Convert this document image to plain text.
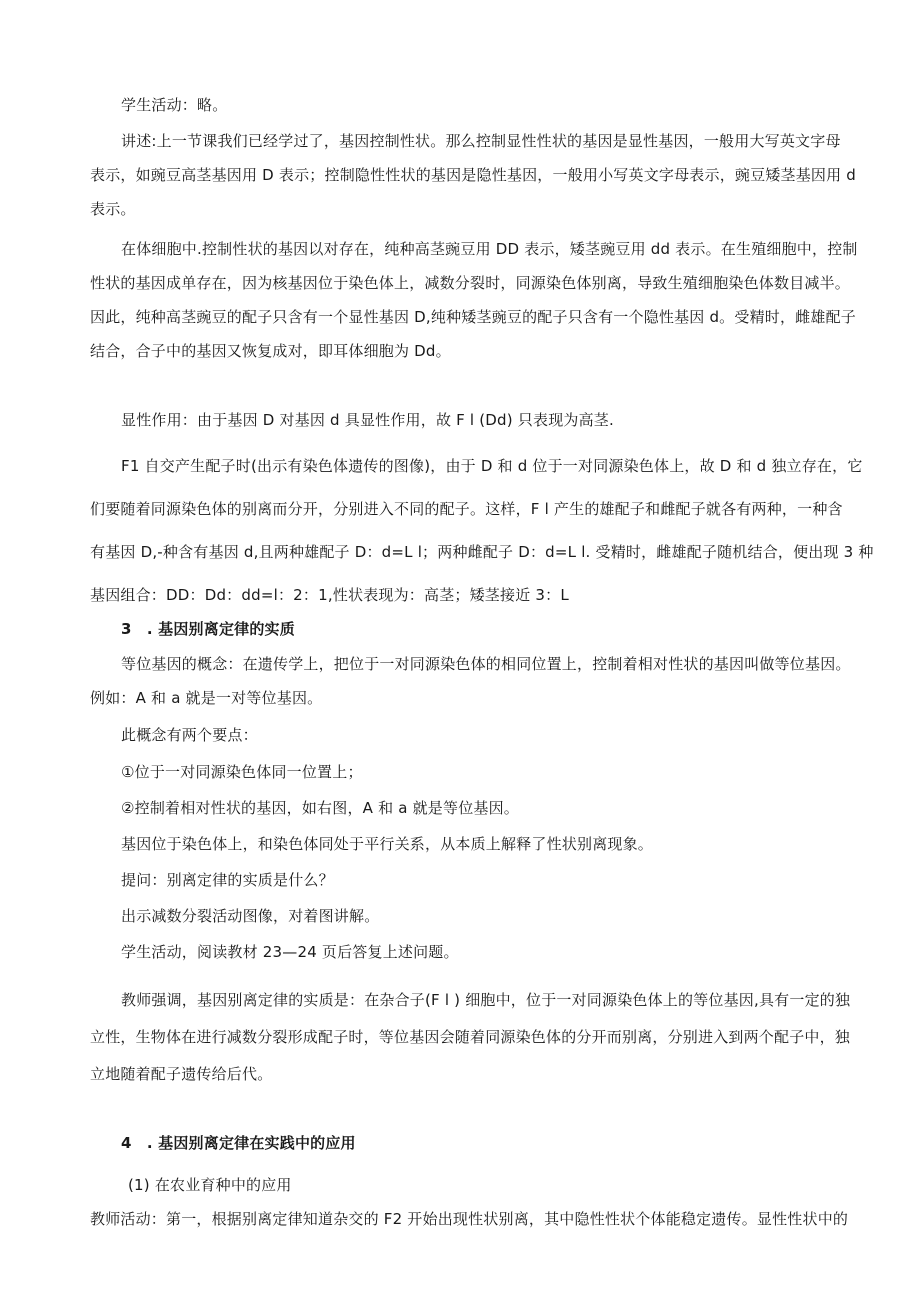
学生活动：略。
讲述:上一节课我们已经学过了，基因控制性状。那么控制显性性状的基因是显性基因，一般用大写英文字母
表示，如豌豆高茎基因用 D 表示；控制隐性性状的基因是隐性基因，一般用小写英文字母表示，豌豆矮茎基因用 d
表示。
在体细胞中.控制性状的基因以对存在，纯种高茎豌豆用 DD 表示，矮茎豌豆用 dd 表示。在生殖细胞中，控制
性状的基因成单存在，因为核基因位于染色体上，减数分裂时，同源染色体别离，导致生殖细胞染色体数目减半。
因此，纯种高茎豌豆的配子只含有一个显性基因 D,纯种矮茎豌豆的配子只含有一个隐性基因 d。受精时，雌雄配子
结合，合子中的基因又恢复成对，即耳体细胞为 Dd。
显性作用：由于基因 D 对基因 d 具显性作用，故 F l (Dd) 只表现为高茎.
F1 自交产生配子时(出示有染色体遗传的图像)，由于 D 和 d 位于一对同源染色体上，故 D 和 d 独立存在，它
们要随着同源染色体的别离而分开，分别进入不同的配子。这样，F l 产生的雄配子和雌配子就各有两种，一种含
有基因 D,-种含有基因 d,且两种雄配子 D：d=L l；两种雌配子 D：d=L l. 受精时，雌雄配子随机结合，便出现 3 种
基因组合：DD：Dd：dd=l：2：1,性状表现为：高茎；矮茎接近 3：L
3　. 基因别离定律的实质
等位基因的概念：在遗传学上，把位于一对同源染色体的相同位置上，控制着相对性状的基因叫做等位基因。
例如：A 和 a 就是一对等位基因。
此概念有两个要点：
①位于一对同源染色体同一位置上；
②控制着相对性状的基因，如右图，A 和 a 就是等位基因。
基因位于染色体上，和染色体同处于平行关系，从本质上解释了性状别离现象。
提问：别离定律的实质是什么？
出示减数分裂活动图像，对着图讲解。
学生活动，阅读教材 23—24 页后答复上述问题。
教师强调，基因别离定律的实质是：在杂合子(F l ) 细胞中，位于一对同源染色体上的等位基因,具有一定的独
立性，生物体在进行减数分裂形成配子时，等位基因会随着同源染色体的分开而别离，分别进入到两个配子中，独
立地随着配子遗传给后代。
4　. 基因别离定律在实践中的应用
(1) 在农业育种中的应用
教师活动：第一，根据别离定律知道杂交的 F2 开始出现性状别离，其中隐性性状个体能稳定遗传。显性性状中的
